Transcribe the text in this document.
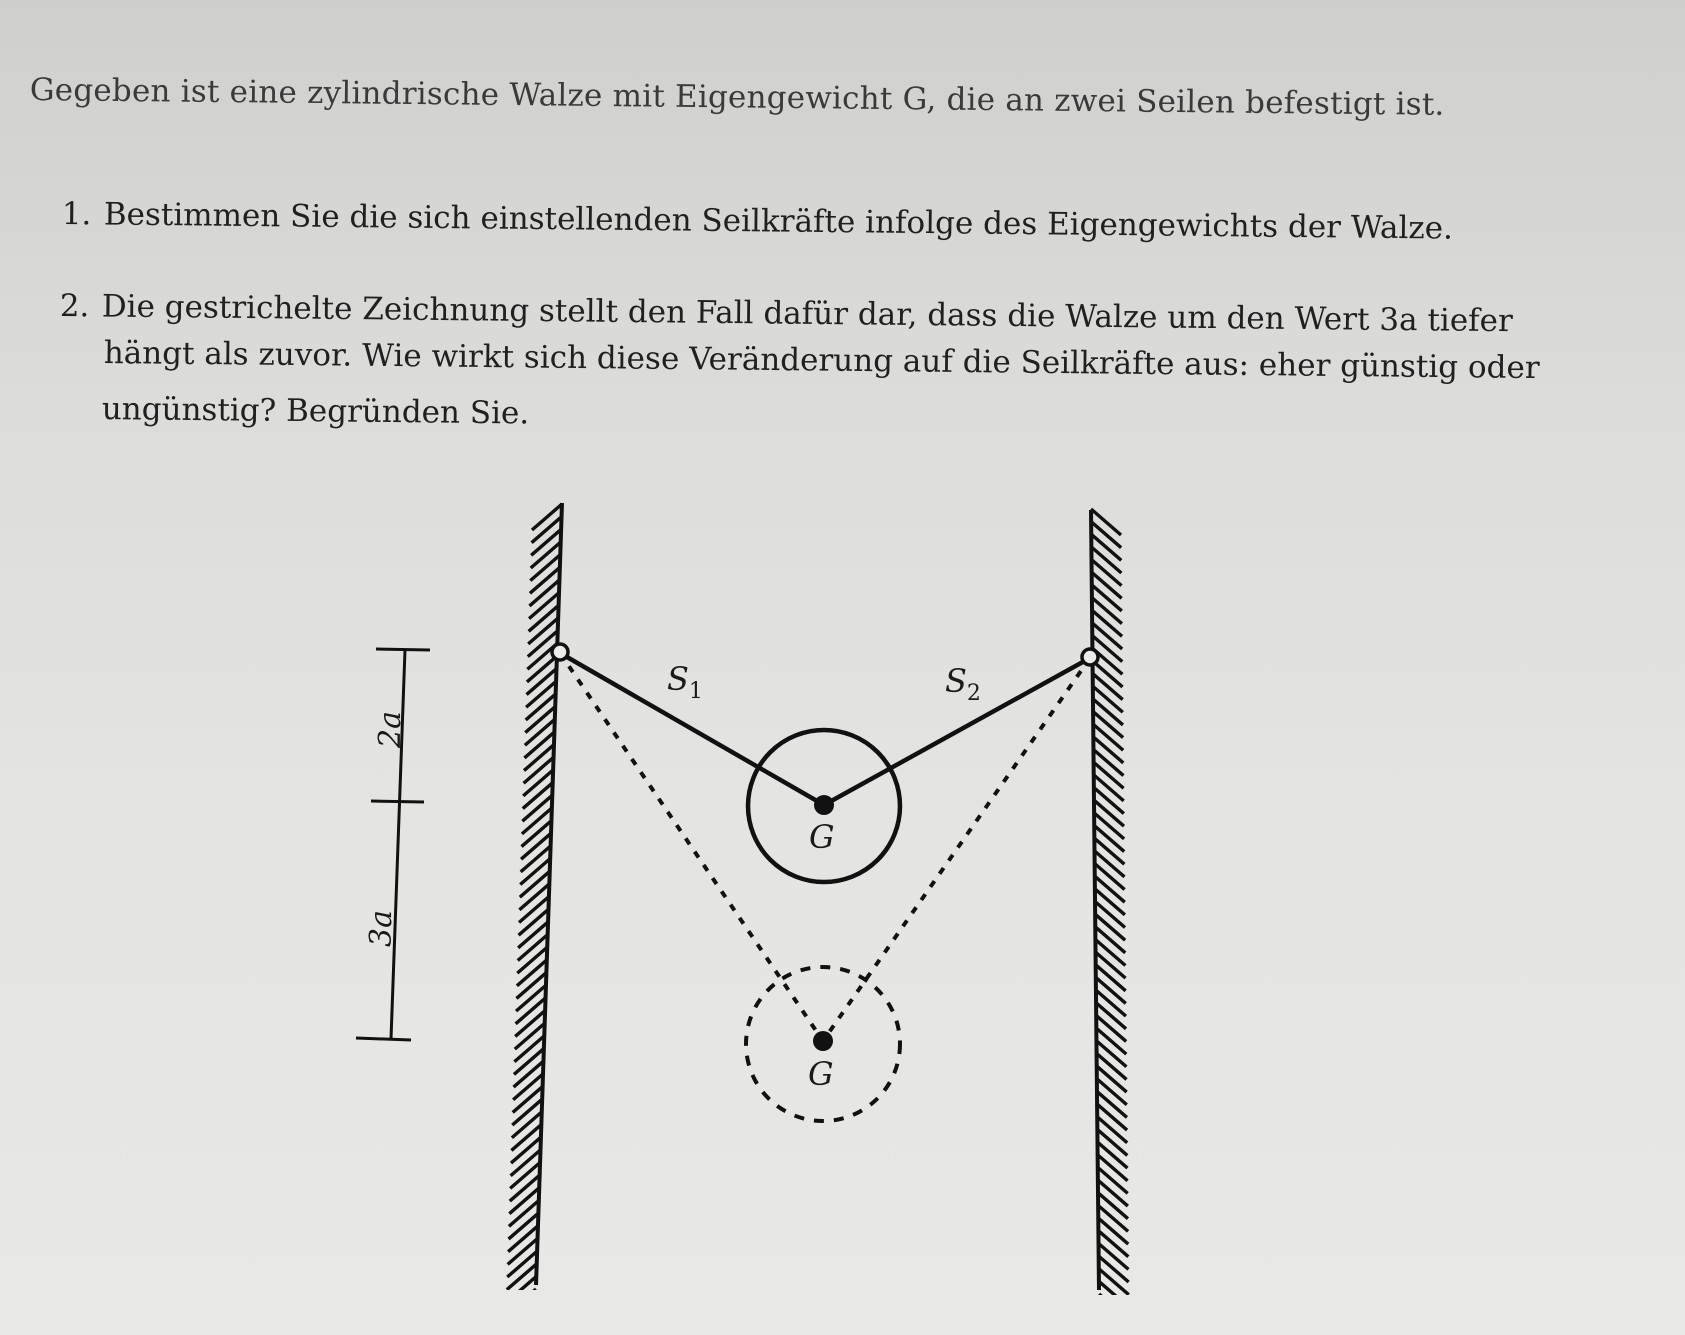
Gegeben ist eine zylindrische Walze mit Eigengewicht G, die an zwei Seilen befestigt ist.
1. Bestimmen Sie die sich einstellenden Seilkräfte infolge des Eigengewichts der Walze.
2. Die gestrichelte Zeichnung stellt den Fall dafür dar, dass die Walze um den Wert 3a tiefer
hängt als zuvor. Wie wirkt sich diese Veränderung auf die Seilkräfte aus: eher günstig oder
ungünstig? Begründen Sie.
2a
3a
G
G
$S_1$	$S_2$
